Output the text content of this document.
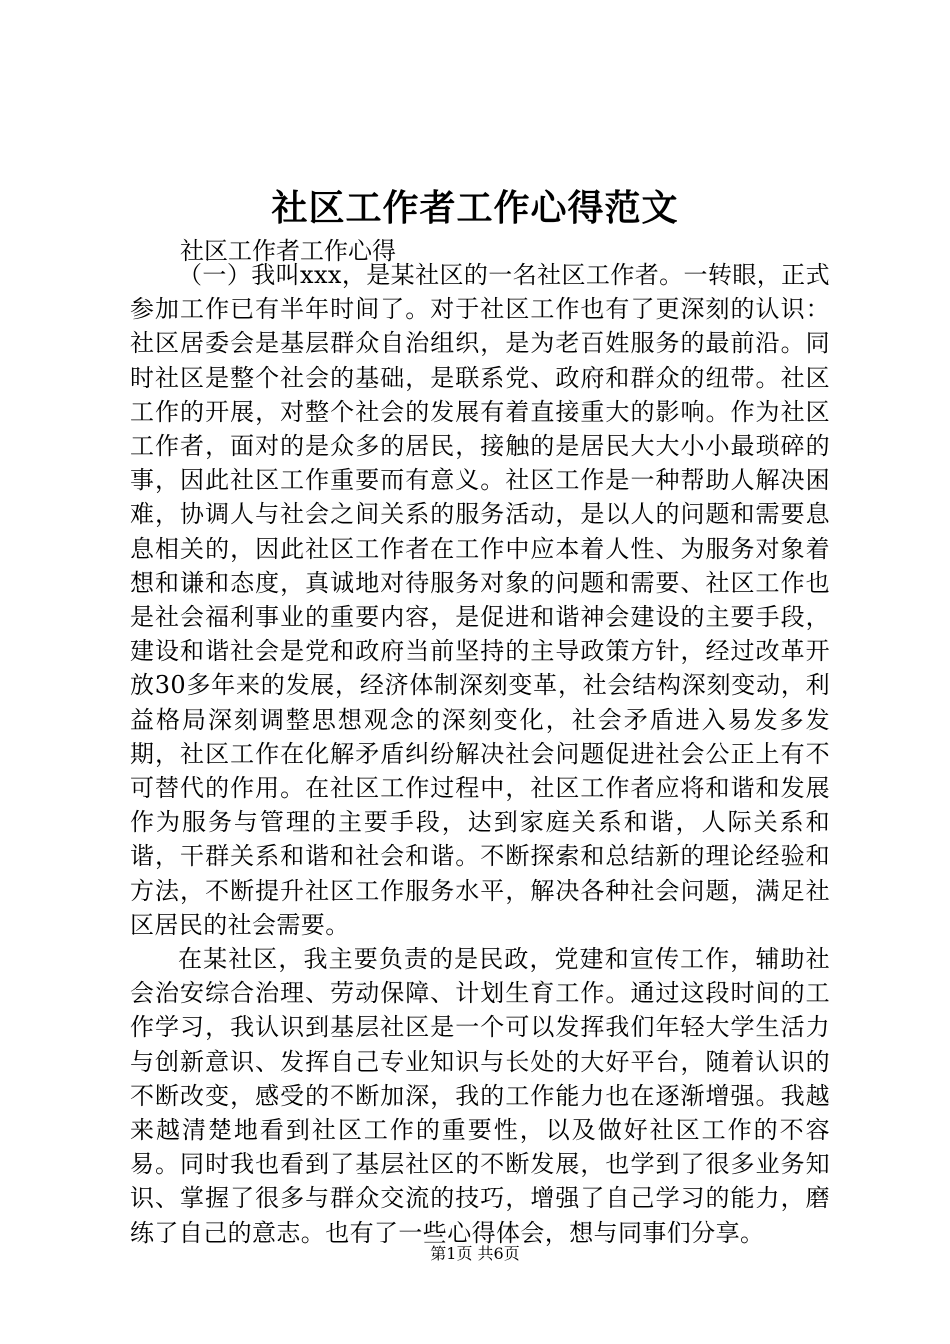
社区工作者工作心得范文
社区工作者工作心得

（一）我叫xxx，是某社区的一名社区工作者。一转眼，正式参加工作已有半年时间了。对于社区工作也有了更深刻的认识：社区居委会是基层群众自治组织，是为老百姓服务的最前沿。同时社区是整个社会的基础，是联系党、政府和群众的纽带。社区工作的开展，对整个社会的发展有着直接重大的影响。作为社区工作者，面对的是众多的居民，接触的是居民大大小小最琐碎的事，因此社区工作重要而有意义。社区工作是一种帮助人解决困难，协调人与社会之间关系的服务活动，是以人的问题和需要息息相关的，因此社区工作者在工作中应本着人性、为服务对象着想和谦和态度，真诚地对待服务对象的问题和需要、社区工作也是社会福利事业的重要内容，是促进和谐神会建设的主要手段，建设和谐社会是党和政府当前坚持的主导政策方针，经过改革开放30多年来的发展，经济体制深刻变革，社会结构深刻变动，利益格局深刻调整思想观念的深刻变化，社会矛盾进入易发多发期，社区工作在化解矛盾纠纷解决社会问题促进社会公正上有不可替代的作用。在社区工作过程中，社区工作者应将和谐和发展作为服务与管理的主要手段，达到家庭关系和谐，人际关系和谐，干群关系和谐和社会和谐。不断探索和总结新的理论经验和方法，不断提升社区工作服务水平，解决各种社会问题，满足社区居民的社会需要。

在某社区，我主要负责的是民政，党建和宣传工作，辅助社会治安综合治理、劳动保障、计划生育工作。通过这段时间的工作学习，我认识到基层社区是一个可以发挥我们年轻大学生活力与创新意识、发挥自己专业知识与长处的大好平台，随着认识的不断改变，感受的不断加深，我的工作能力也在逐渐增强。我越来越清楚地看到社区工作的重要性，以及做好社区工作的不容易。同时我也看到了基层社区的不断发展，也学到了很多业务知识、掌握了很多与群众交流的技巧，增强了自己学习的能力，磨练了自己的意志。也有了一些心得体会，想与同事们分享。

第1页 共6页
